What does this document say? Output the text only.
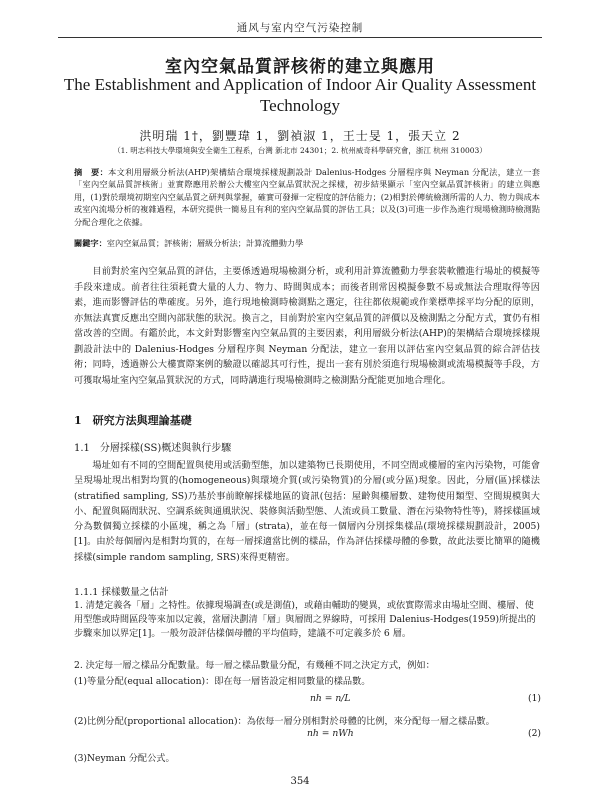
通风与室内空气污染控制
室內空氣品質評核術的建立與應用
The Establishment and Application of Indoor Air Quality Assessment Technology
洪明瑞 1†，劉豐瑋 1，劉禎淑 1，王士旻 1，張天立 2
（1. 明志科技大學環境與安全衛生工程系，台灣 新北市 24301；2. 杭州威奇科學研究會，浙江 杭州 310003）
摘　要：本文利用層級分析法(AHP)架構結合環境採樣規劃設計 Dalenius-Hodges 分層程序與 Neyman 分配法，建立一套「室內空氣品質評核術」並實際應用於辦公大樓室內空氣品質狀況之採樣，初步結果顯示「室內空氣品質評核術」的建立與應用，(1)對於環境初期室內空氣品質之研判與掌握，確實可發揮一定程度的評估能力；(2)相對於傳統檢測所需的人力、物力與成本或室內流場分析的複雜過程，本研究提供一簡易且有利的室內空氣品質的評估工具；以及(3)可進一步作為進行現場檢測時檢測點分配合理化之依據。
關鍵字：室內空氣品質；評核術；層級分析法；計算流體動力學

目前對於室內空氣品質的評估，主要係透過現場檢測分析，或利用計算流體動力學套裝軟體進行場址的模擬等手段來達成。前者往往須耗費大量的人力、物力、時間與成本；而後者則常因模擬參數不易或無法合理取得等因素，進而影響評估的準確度。另外，進行現地檢測時檢測點之選定，往往都依規範或作業標準採平均分配的原則，亦無法真實反應出空間內部狀態的狀況。換言之，目前對於室內空氣品質的評價以及檢測點之分配方式，實仍有相當改善的空間。有鑑於此，本文針對影響室內空氣品質的主要因素，利用層級分析法(AHP)的架構結合環境採樣規劃設計法中的 Dalenius-Hodges 分層程序與 Neyman 分配法，建立一套用以評估室內空氣品質的綜合評估技術；同時，透過辦公大樓實際案例的驗證以確認其可行性，提出一套有別於須進行現場檢測或流場模擬等手段，方可獲取場址室內空氣品質狀況的方式，同時講進行現場檢測時之檢測點分配能更加地合理化。

1　研究方法與理論基礎
1.1　分層採樣(SS)概述與執行步驟

場址如有不同的空間配置與使用或活動型態，加以建築物已長期使用，不同空間或樓層的室內污染物，可能會呈現場址現出相對均質的(homogeneous)與環境介質(或污染物質)的分層(或分區)現象。因此，分層(區)採樣法(stratified sampling, SS)乃基於事前瞭解採樣地區的資訊(包括：屋齡與樓層數、建物使用類型、空間規模與大小、配置與隔間狀況、空調系統與通風狀況、裝修與活動型態、人流或員工數量、潛在污染物特性等)，將採樣區域分為數個獨立採樣的小區塊，稱之為「層」(strata)，並在每一個層內分別採集樣品(環境採樣規劃設計，2005)[1]。由於每個層內是相對均質的，在每一層採適當比例的樣品，作為評估採樣母體的參數，故此法要比簡單的隨機採樣(simple random sampling, SRS)來得更精密。

1.1.1 採樣數量之估計

1. 清楚定義各「層」之特性。依據現場調查(或是測值)，或藉由輔助的變異，或依實際需求由場址空間、樓層、使用型態或時間區段等來加以定義，當層決劃清「層」與層間之界線時，可採用 Dalenius-Hodges(1959)所提出的步驟來加以界定[1]。一般勿設評估樣個母體的平均值時，建議不可定義多於 6 層。

2. 決定每一層之樣品分配數量。每一層之樣品數量分配，有幾種不同之決定方式，例如：

(1)等量分配(equal allocation)：即在每一層皆設定相同數量的樣品數。

nh = n/L	(1)
(2)比例分配(proportional allocation)：為依每一層分別相對於母體的比例，來分配每一層之樣品數。
nh = nWh	(2)
(3)Neyman 分配公式。
354
